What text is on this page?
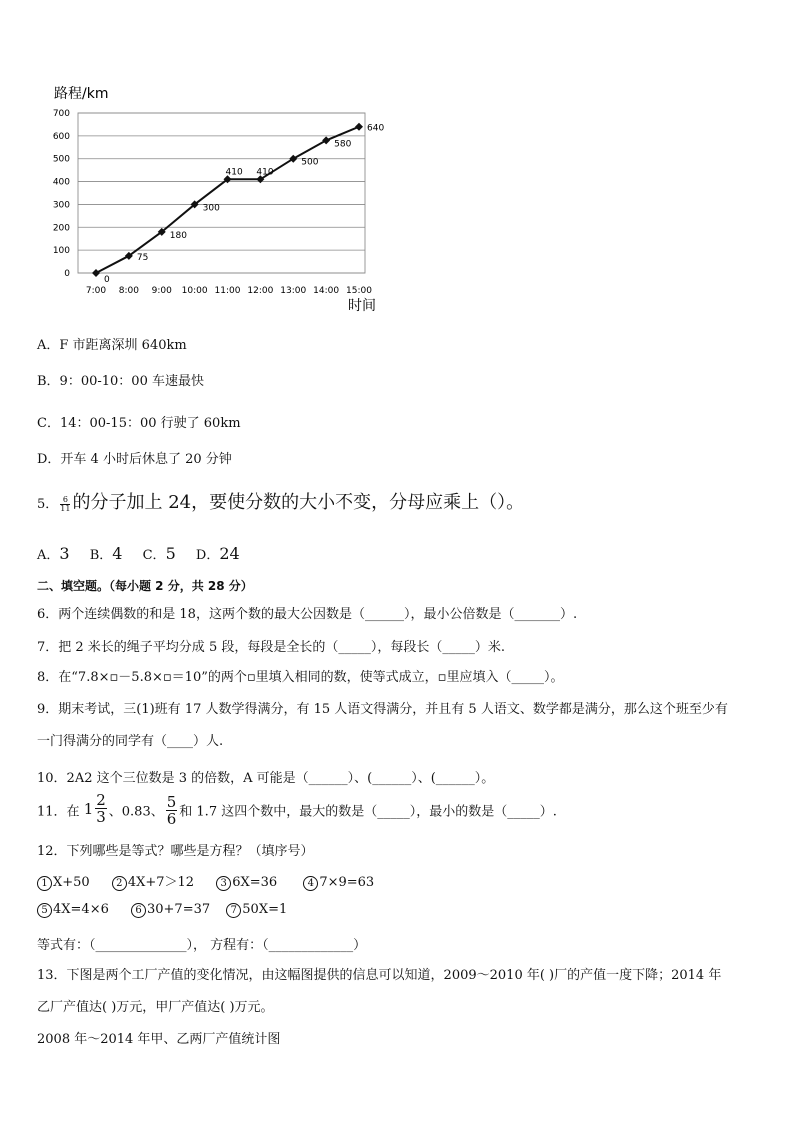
路程/km
时间
0
100
200
300
400
500
600
700
7:00 8:00 9:00 10:00 11:00 12:00 13:00 14:00 15:00
0
75
180
300
410 410
500
580
640
A．F 市距离深圳 640km
B．9：00-10：00 车速最快
C．14：00-15：00 行驶了 60km
D．开车 4 小时后休息了 20 分钟
5． $\frac{6}{11}$ 的分子加上 24，要使分数的大小不变，分母应乘上（）。
A．3 B．4 C．5 D．24
二、填空题。（每小题 2 分，共 28 分）
6．两个连续偶数的和是 18，这两个数的最大公因数是（______），最小公倍数是（_______）.
7．把 2 米长的绳子平均分成 5 段，每段是全长的（_____），每段长（_____）米.
8．在“7.8×▫－5.8×▫＝10”的两个▫里填入相同的数，使等式成立，▫里应填入（_____）。
9．期末考试，三(1)班有 17 人数学得满分，有 15 人语文得满分，并且有 5 人语文、数学都是满分，那么这个班至少有
一门得满分的同学有（____）人.
10．2A2 这个三位数是 3 的倍数，A 可能是（______）、(______）、(______）。
11．在 $1 \frac{2}{3}$ 、0.83、 $\frac{5}{6}$ 和 1.7 这四个数中，最大的数是（_____），最小的数是（_____）.
12．下列哪些是等式？哪些是方程？（填序号）
1 X+50	2 4X+7＞12	3 6X=36	4 7×9=63
5 4X=4×6	6 30+7=37 7 50X=1
等式有：（______________）， 方程有：（_____________）
13．下图是两个工厂产值的变化情况，由这幅图提供的信息可以知道，2009～2010 年( )厂的产值一度下降；2014 年
乙厂产值达( )万元，甲厂产值达( )万元。
2008 年～2014 年甲、乙两厂产值统计图
